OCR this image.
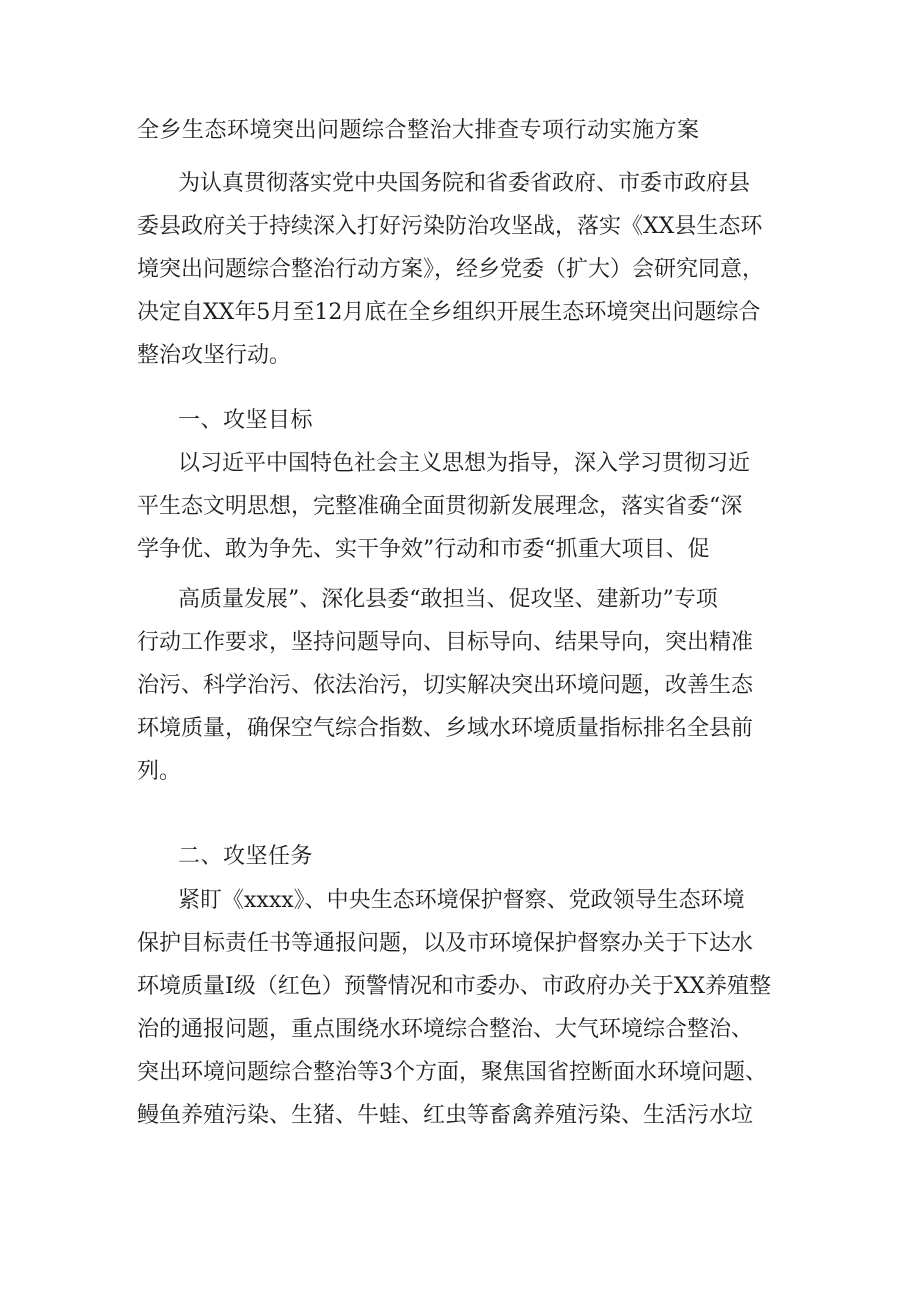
全乡生态环境突出问题综合整治大排查专项行动实施方案

为认真贯彻落实党中央国务院和省委省政府、市委市政府县

委县政府关于持续深入打好污染防治攻坚战，落实《XX县生态环

境突出问题综合整治行动方案》，经乡党委（扩大）会研究同意，

决定自XX年5月至12月底在全乡组织开展生态环境突出问题综合

整治攻坚行动。

一、攻坚目标

以习近平中国特色社会主义思想为指导，深入学习贯彻习近

平生态文明思想，完整准确全面贯彻新发展理念，落实省委“深

学争优、敢为争先、实干争效”行动和市委“抓重大项目、促

高质量发展”、深化县委“敢担当、促攻坚、建新功”专项

行动工作要求，坚持问题导向、目标导向、结果导向，突出精准

治污、科学治污、依法治污，切实解决突出环境问题，改善生态

环境质量，确保空气综合指数、乡域水环境质量指标排名全县前

列。

二、攻坚任务

紧盯《xxxx》、中央生态环境保护督察、党政领导生态环境

保护目标责任书等通报问题，以及市环境保护督察办关于下达水

环境质量I级（红色）预警情况和市委办、市政府办关于XX养殖整

治的通报问题，重点围绕水环境综合整治、大气环境综合整治、

突出环境问题综合整治等3个方面，聚焦国省控断面水环境问题、

鳗鱼养殖污染、生猪、牛蛙、红虫等畜禽养殖污染、生活污水垃
